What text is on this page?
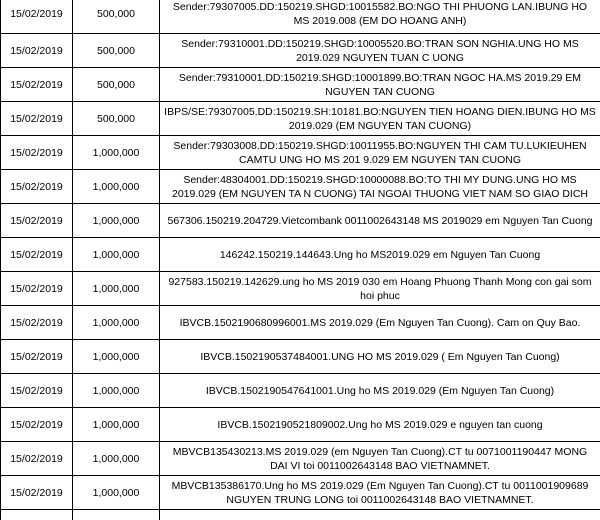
15/02/2019	500,000	Sender:79307005.DD:150219.SHGD:10015582.BO:NGO THI PHUONG LAN.IBUNG HO MS 2019.008 (EM DO HOANG ANH)
15/02/2019	500,000	Sender:79310001.DD:150219.SHGD:10005520.BO:TRAN SON NGHIA.UNG HO MS 2019.029 NGUYEN TUAN C UONG
15/02/2019	500,000	Sender:79310001.DD:150219.SHGD:10001899.BO:TRAN NGOC HA.MS 2019.29 EM NGUYEN TAN CUONG
15/02/2019	500,000	IBPS/SE:79307005.DD:150219.SH:10181.BO:NGUYEN TIEN HOANG DIEN.IBUNG HO MS 2019.029 (EM NGUYEN TAN CUONG)
15/02/2019	1,000,000	Sender:79303008.DD:150219.SHGD:10011955.BO:NGUYEN THI CAM TU.LUKIEUHEN CAMTU UNG HO MS 201 9.029 EM NGUYEN TAN CUONG
15/02/2019	1,000,000	Sender:48304001.DD:150219.SHGD:10000088.BO:TO THI MY DUNG.UNG HO MS 2019.029 (EM NGUYEN TA N CUONG) TAI NGOAI THUONG VIET NAM SO GIAO DICH
15/02/2019	1,000,000	567306.150219.204729.Vietcombank 0011002643148 MS 2019029 em Nguyen Tan Cuong
15/02/2019	1,000,000	146242.150219.144643.Ung ho MS2019.029 em Nguyen Tan Cuong
15/02/2019	1,000,000	927583.150219.142629.ung ho MS 2019 030 em Hoang Phuong Thanh Mong con gai som hoi phuc
15/02/2019	1,000,000	IBVCB.1502190680996001.MS 2019.029 (Em Nguyen Tan Cuong). Cam on Quy Bao.
15/02/2019	1,000,000	IBVCB.1502190537484001.UNG HO MS 2019.029 ( Em Nguyen Tan Cuong)
15/02/2019	1,000,000	IBVCB.1502190547641001.Ung ho MS 2019.029 (Em Nguyen Tan Cuong)
15/02/2019	1,000,000	IBVCB.1502190521809002.Ung ho MS 2019.029 e nguyen tan cuong
15/02/2019	1,000,000	MBVCB135430213.MS 2019.029 (em Nguyen Tan Cuong).CT tu 0071001190447 MONG DAI VI toi 0011002643148 BAO VIETNAMNET.
15/02/2019	1,000,000	MBVCB135386170.Ung ho MS 2019.029 (Em Nguyen Tan Cuong).CT tu 0011001909689 NGUYEN TRUNG LONG toi 0011002643148 BAO VIETNAMNET.
